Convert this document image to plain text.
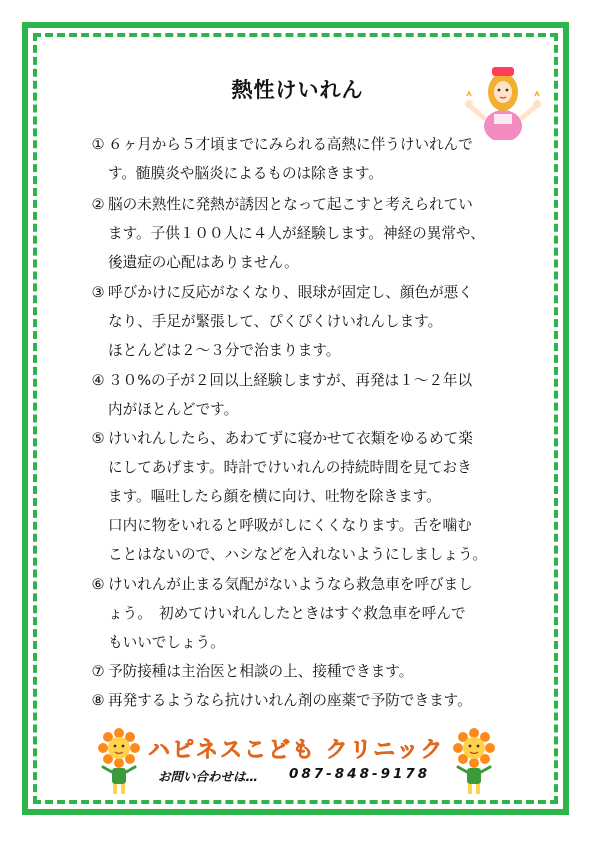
熱性けいれん
① ６ヶ月から５才頃までにみられる高熱に伴うけいれんで
す。髄膜炎や脳炎によるものは除きます。
② 脳の未熟性に発熱が誘因となって起こすと考えられてい
ます。子供１００人に４人が経験します。神経の異常や、
後遺症の心配はありません。
③ 呼びかけに反応がなくなり、眼球が固定し、顔色が悪く
なり、手足が緊張して、ぴくぴくけいれんします。
ほとんどは２～３分で治まります。
④ ３０%の子が２回以上経験しますが、再発は１～２年以
内がほとんどです。
⑤ けいれんしたら、あわてずに寝かせて衣類をゆるめて楽
にしてあげます。時計でけいれんの持続時間を見ておき
ます。嘔吐したら顔を横に向け、吐物を除きます。
口内に物をいれると呼吸がしにくくなります。舌を噛む
ことはないので、ハシなどを入れないようにしましょう。
⑥ けいれんが止まる気配がないようなら救急車を呼びまし
ょう。　初めてけいれんしたときはすぐ救急車を呼んで
もいいでしょう。
⑦ 予防接種は主治医と相談の上、接種できます。
⑧ 再発するようなら抗けいれん剤の座薬で予防できます。
ハピネスこども クリニック
お問い合わせは… 087-848-9178
